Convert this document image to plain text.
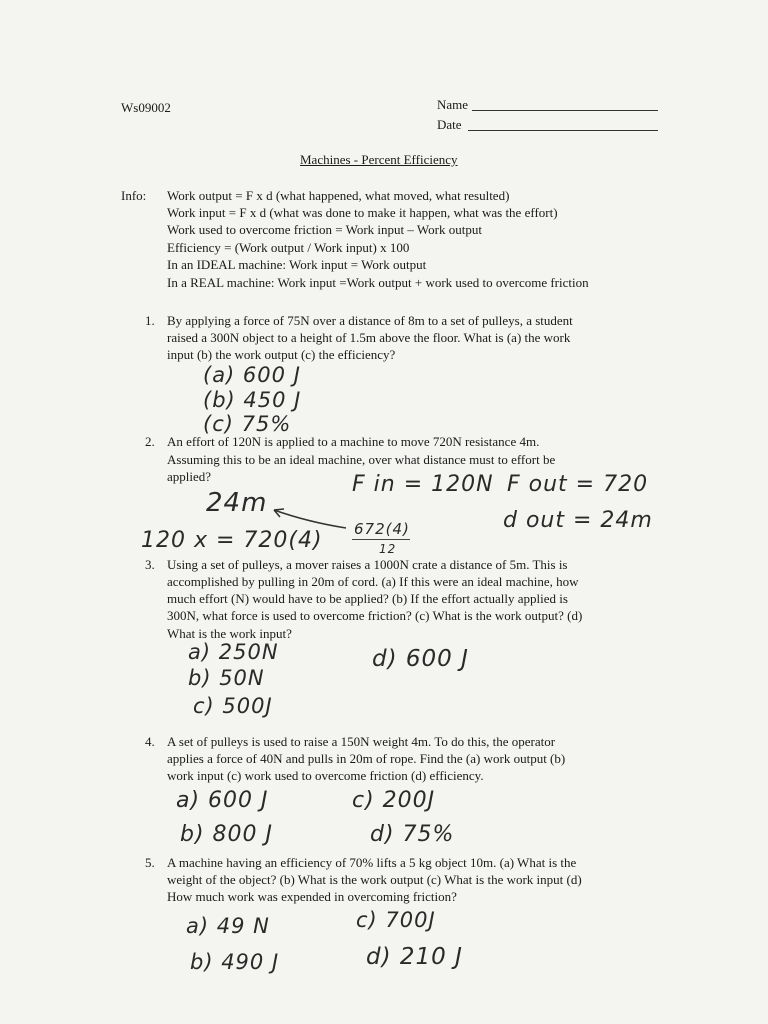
Ws09002	Name
Date
Machines - Percent Efficiency
Info: Work output = F x d (what happened, what moved, what resulted)
Work input = F x d (what was done to make it happen, what was the effort)
Work used to overcome friction = Work input – Work output
Efficiency = (Work output / Work input) x 100
In an IDEAL machine: Work input = Work output
In a REAL machine: Work input =Work output + work used to overcome friction
1. By applying a force of 75N over a distance of 8m to a set of pulleys, a student
raised a 300N object to a height of 1.5m above the floor. What is (a) the work
input (b) the work output (c) the efficiency?
(a) 600 J
(b) 450 J
(c) 75%
2. An effort of 120N is applied to a machine to move 720N resistance 4m.
Assuming this to be an ideal machine, over what distance must to effort be
applied?
24m
F in = 120N F out = 720
d out = 24m
672(4)
12
120 x = 720(4)
3. Using a set of pulleys, a mover raises a 1000N crate a distance of 5m. This is
accomplished by pulling in 20m of cord. (a) If this were an ideal machine, how
much effort (N) would have to be applied? (b) If the effort actually applied is
300N, what force is used to overcome friction? (c) What is the work output? (d)
What is the work input?
a) 250N
b) 50N
c) 500J
d) 600 J
4. A set of pulleys is used to raise a 150N weight 4m. To do this, the operator
applies a force of 40N and pulls in 20m of rope. Find the (a) work output (b)
work input (c) work used to overcome friction (d) efficiency.
a) 600 J	c) 200J
b) 800 J	d) 75%
5. A machine having an efficiency of 70% lifts a 5 kg object 10m. (a) What is the
weight of the object? (b) What is the work output (c) What is the work input (d)
How much work was expended in overcoming friction?
a) 49 N	c) 700J
b) 490 J	d) 210 J
